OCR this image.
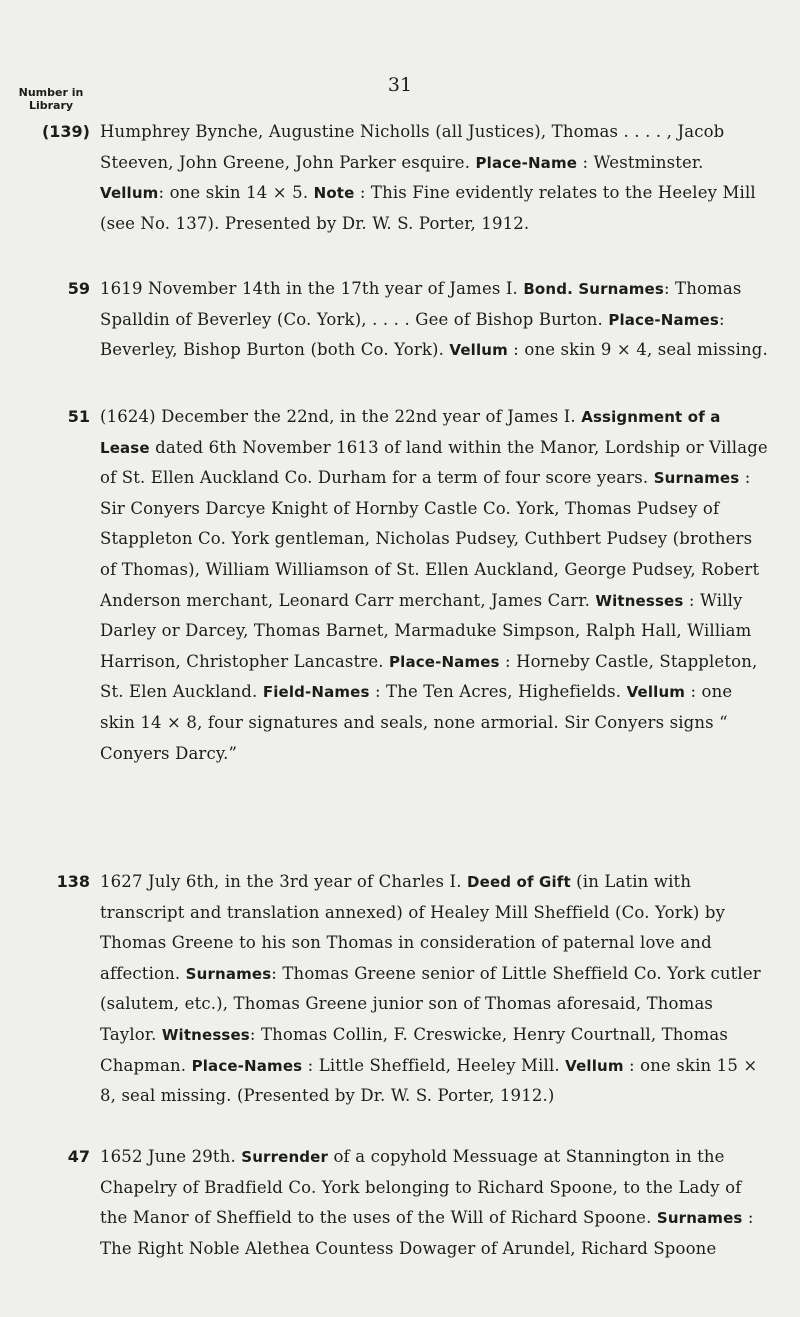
31
Number in Library
(139) Humphrey Bynche, Augustine Nicholls (all Justices), Thomas . . . . , Jacob Steeven, John Greene, John Parker esquire. Place-Name : Westminster. Vellum: one skin 14 × 5. Note : This Fine evidently relates to the Heeley Mill (see No. 137). Presented by Dr. W. S. Porter, 1912.
59 1619 November 14th in the 17th year of James I. Bond. Surnames: Thomas Spalldin of Beverley (Co. York), . . . . Gee of Bishop Burton. Place-Names: Beverley, Bishop Burton (both Co. York). Vellum : one skin 9 × 4, seal missing.
51 (1624) December the 22nd, in the 22nd year of James I. Assignment of a Lease dated 6th November 1613 of land within the Manor, Lordship or Village of St. Ellen Auckland Co. Durham for a term of four score years. Surnames : Sir Conyers Darcye Knight of Hornby Castle Co. York, Thomas Pudsey of Stappleton Co. York gentleman, Nicholas Pudsey, Cuthbert Pudsey (brothers of Thomas), William Williamson of St. Ellen Auckland, George Pudsey, Robert Anderson merchant, Leonard Carr merchant, James Carr. Witnesses : Willy Darley or Darcey, Thomas Barnet, Marmaduke Simpson, Ralph Hall, William Harrison, Christopher Lancastre. Place-Names : Horneby Castle, Stappleton, St. Elen Auckland. Field-Names : The Ten Acres, Highefields. Vellum : one skin 14 × 8, four signatures and seals, none armorial. Sir Conyers signs “ Conyers Darcy.”
138 1627 July 6th, in the 3rd year of Charles I. Deed of Gift (in Latin with transcript and translation annexed) of Healey Mill Sheffield (Co. York) by Thomas Greene to his son Thomas in consideration of paternal love and affection. Surnames: Thomas Greene senior of Little Sheffield Co. York cutler (salutem, etc.), Thomas Greene junior son of Thomas aforesaid, Thomas Taylor. Witnesses: Thomas Collin, F. Creswicke, Henry Courtnall, Thomas Chapman. Place-Names : Little Sheffield, Heeley Mill. Vellum : one skin 15 × 8, seal missing. (Presented by Dr. W. S. Porter, 1912.)
47 1652 June 29th. Surrender of a copyhold Messuage at Stannington in the Chapelry of Bradfield Co. York belonging to Richard Spoone, to the Lady of the Manor of Sheffield to the uses of the Will of Richard Spoone. Surnames : The Right Noble Alethea Countess Dowager of Arundel, Richard Spoone
